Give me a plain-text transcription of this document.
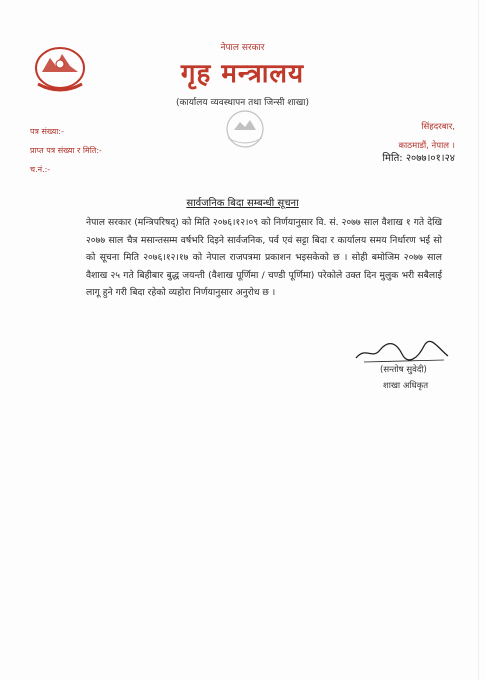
नेपाल सरकार
गृह मन्त्रालय
(कार्यालय व्यवस्थापन तथा जिन्सी शाखा)
पत्र संख्या:-
प्राप्त पत्र संख्या र मिति:-
च.नं.:-
सिंहदरबार,
काठमाडौं, नेपाल ।
मिति: २०७७।०१।२४
सार्वजनिक बिदा सम्बन्धी सूचना
नेपाल सरकार (मन्त्रिपरिषद्) को मिति २०७६।१२।०९ को निर्णयानुसार वि. सं. २०७७ साल वैशाख १ गते देखि २०७७ साल चैत्र मसान्तसम्म वर्षभरि दिइने सार्वजनिक, पर्व एवं सट्टा बिदा र कार्यालय समय निर्धारण भई सो को सूचना मिति २०७६।१२।१७ को नेपाल राजपत्रमा प्रकाशन भइसकेको छ । सोही बमोजिम २०७७ साल वैशाख २५ गते बिहीबार बुद्ध जयन्ती (वैशाख पूर्णिमा / चण्डी पूर्णिमा) परेकोले उक्त दिन मुलुक भरी सबैलाई लागू हुने गरी बिदा रहेको व्यहोरा निर्णयानुसार अनुरोध छ ।
(सन्तोष सुवेदी)
शाखा अधिकृत
